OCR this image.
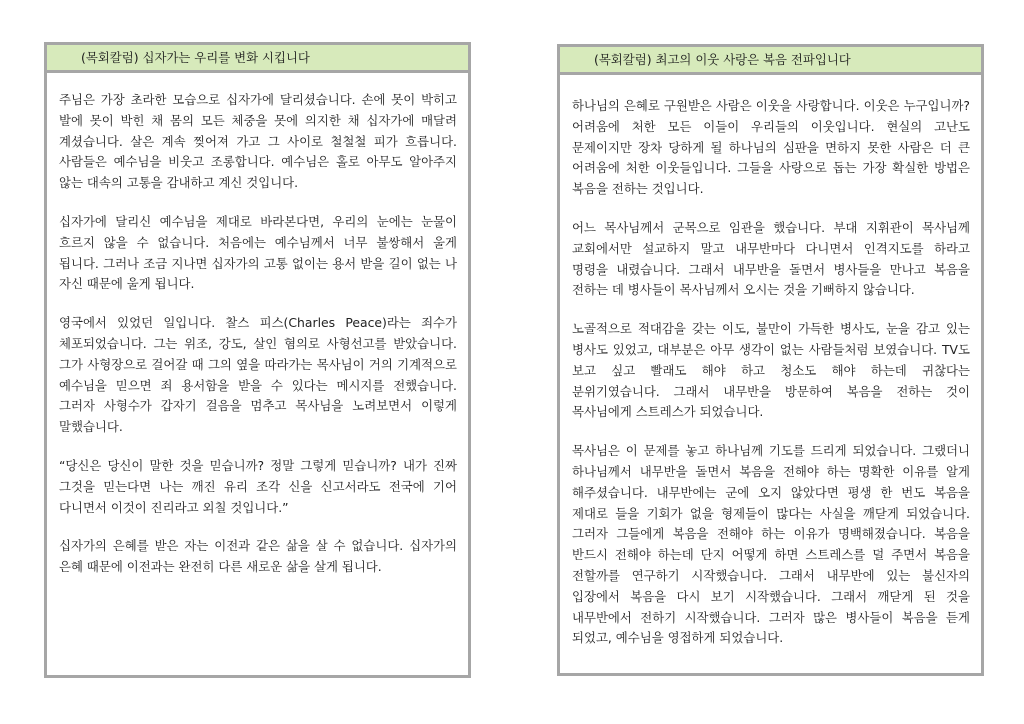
(목회칼럼) 십자가는 우리를 변화 시킵니다

주님은 가장 초라한 모습으로 십자가에 달리셨습니다. 손에 못이 박히고 발에 못이 박힌 채 몸의 모든 체중을 못에 의지한 채 십자가에 매달려 계셨습니다. 살은 계속 찢어져 가고 그 사이로 철철철 피가 흐릅니다. 사람들은 예수님을 비웃고 조롱합니다. 예수님은 홀로 아무도 알아주지 않는 대속의 고통을 감내하고 계신 것입니다.

십자가에 달리신 예수님을 제대로 바라본다면, 우리의 눈에는 눈물이 흐르지 않을 수 없습니다. 처음에는 예수님께서 너무 불쌍해서 울게 됩니다. 그러나 조금 지나면 십자가의 고통 없이는 용서 받을 길이 없는 나 자신 때문에 울게 됩니다.

영국에서 있었던 일입니다. 찰스 피스(Charles Peace)라는 죄수가 체포되었습니다. 그는 위조, 강도, 살인 혐의로 사형선고를 받았습니다. 그가 사형장으로 걸어갈 때 그의 옆을 따라가는 목사님이 거의 기계적으로 예수님을 믿으면 죄 용서함을 받을 수 있다는 메시지를 전했습니다. 그러자 사형수가 갑자기 걸음을 멈추고 목사님을 노려보면서 이렇게 말했습니다.

“당신은 당신이 말한 것을 믿습니까? 정말 그렇게 믿습니까? 내가 진짜 그것을 믿는다면 나는 깨진 유리 조각 신을 신고서라도 전국에 기어 다니면서 이것이 진리라고 외칠 것입니다.”

십자가의 은혜를 받은 자는 이전과 같은 삶을 살 수 없습니다. 십자가의 은혜 때문에 이전과는 완전히 다른 새로운 삶을 살게 됩니다.

(목회칼럼) 최고의 이웃 사랑은 복음 전파입니다

하나님의 은혜로 구원받은 사람은 이웃을 사랑합니다. 이웃은 누구입니까? 어려움에 처한 모든 이들이 우리들의 이웃입니다. 현실의 고난도 문제이지만 장차 당하게 될 하나님의 심판을 면하지 못한 사람은 더 큰 어려움에 처한 이웃들입니다. 그들을 사랑으로 돕는 가장 확실한 방법은 복음을 전하는 것입니다.

어느 목사님께서 군목으로 임관을 했습니다. 부대 지휘관이 목사님께 교회에서만 설교하지 말고 내무반마다 다니면서 인격지도를 하라고 명령을 내렸습니다. 그래서 내무반을 돌면서 병사들을 만나고 복음을 전하는 데 병사들이 목사님께서 오시는 것을 기뻐하지 않습니다.

노골적으로 적대감을 갖는 이도, 불만이 가득한 병사도, 눈을 감고 있는 병사도 있었고, 대부분은 아무 생각이 없는 사람들처럼 보였습니다. TV도 보고 싶고 빨래도 해야 하고 청소도 해야 하는데 귀찮다는 분위기였습니다. 그래서 내무반을 방문하여 복음을 전하는 것이 목사님에게 스트레스가 되었습니다.

목사님은 이 문제를 놓고 하나님께 기도를 드리게 되었습니다. 그랬더니 하나님께서 내무반을 돌면서 복음을 전해야 하는 명확한 이유를 알게 해주셨습니다. 내무반에는 군에 오지 않았다면 평생 한 번도 복음을 제대로 들을 기회가 없을 형제들이 많다는 사실을 깨닫게 되었습니다. 그러자 그들에게 복음을 전해야 하는 이유가 명백해졌습니다. 복음을 반드시 전해야 하는데 단지 어떻게 하면 스트레스를 덜 주면서 복음을 전할까를 연구하기 시작했습니다. 그래서 내무반에 있는 불신자의 입장에서 복음을 다시 보기 시작했습니다. 그래서 깨닫게 된 것을 내무반에서 전하기 시작했습니다. 그러자 많은 병사들이 복음을 듣게 되었고, 예수님을 영접하게 되었습니다.
